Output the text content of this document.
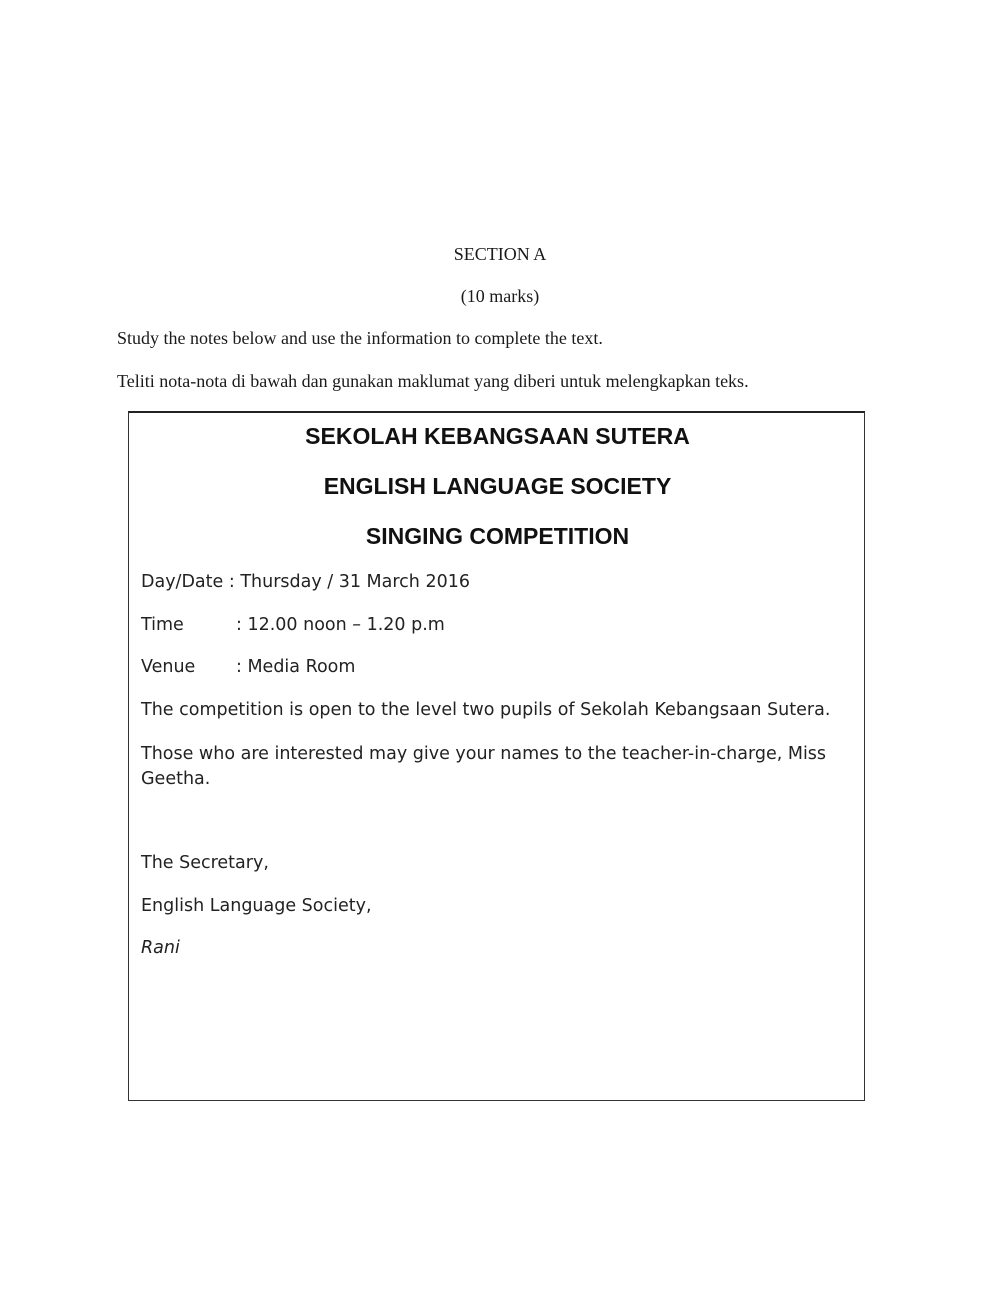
SECTION A
(10 marks)
Study the notes below and use the information to complete the text.
Teliti nota-nota di bawah dan gunakan maklumat yang diberi untuk melengkapkan teks.
SEKOLAH KEBANGSAAN SUTERA
ENGLISH LANGUAGE SOCIETY
SINGING COMPETITION
Day/Date : Thursday / 31 March 2016
Time	: 12.00 noon – 1.20 p.m
Venue : Media Room
The competition is open to the level two pupils of Sekolah Kebangsaan Sutera.
Those who are interested may give your names to the teacher-in-charge, Miss Geetha.
The Secretary,
English Language Society,
Rani
